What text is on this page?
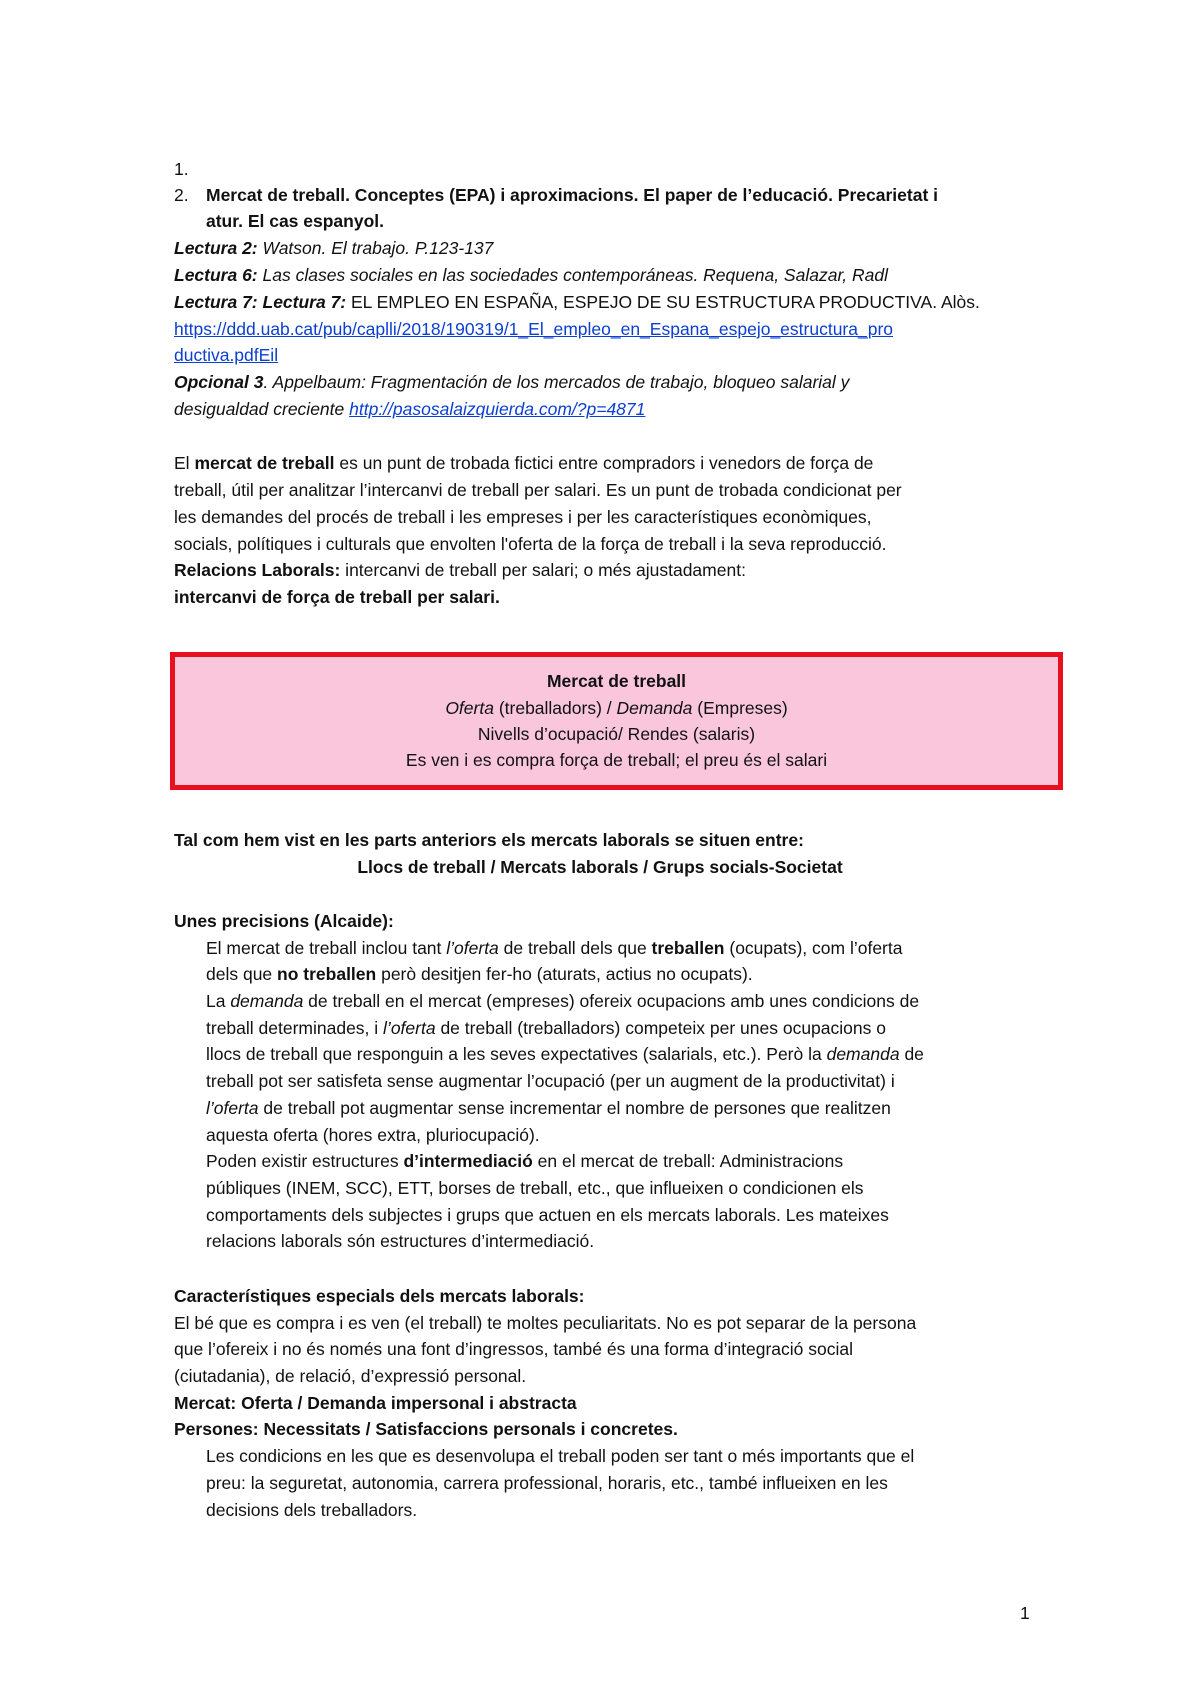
1.
2. Mercat de treball. Conceptes (EPA) i aproximacions. El paper de l’educació. Precarietat i
atur. El cas espanyol.
Lectura 2: Watson. El trabajo. P.123-137
Lectura 6: Las clases sociales en las sociedades contemporáneas. Requena, Salazar, Radl
Lectura 7: Lectura 7: EL EMPLEO EN ESPAÑA, ESPEJO DE SU ESTRUCTURA PRODUCTIVA. Alòs.
https://ddd.uab.cat/pub/caplli/2018/190319/1_El_empleo_en_Espana_espejo_estructura_pro
ductiva.pdfEil
Opcional 3. Appelbaum: Fragmentación de los mercados de trabajo, bloqueo salarial y
desigualdad creciente http://pasosalaizquierda.com/?p=4871
El mercat de treball es un punt de trobada fictici entre compradors i venedors de força de
treball, útil per analitzar l’intercanvi de treball per salari. Es un punt de trobada condicionat per
les demandes del procés de treball i les empreses i per les característiques econòmiques,
socials, polítiques i culturals que envolten l'oferta de la força de treball i la seva reproducció.
Relacions Laborals: intercanvi de treball per salari; o més ajustadament:
intercanvi de força de treball per salari.
Mercat de treball
Oferta (treballadors) / Demanda (Empreses)
Nivells d’ocupació/ Rendes (salaris)
Es ven i es compra força de treball; el preu és el salari
Tal com hem vist en les parts anteriors els mercats laborals se situen entre:
Llocs de treball / Mercats laborals / Grups socials-Societat
Unes precisions (Alcaide):
El mercat de treball inclou tant l’oferta de treball dels que treballen (ocupats), com l’oferta
dels que no treballen però desitjen fer-ho (aturats, actius no ocupats).
La demanda de treball en el mercat (empreses) ofereix ocupacions amb unes condicions de
treball determinades, i l’oferta de treball (treballadors) competeix per unes ocupacions o
llocs de treball que responguin a les seves expectatives (salarials, etc.). Però la demanda de
treball pot ser satisfeta sense augmentar l’ocupació (per un augment de la productivitat) i
l’oferta de treball pot augmentar sense incrementar el nombre de persones que realitzen
aquesta oferta (hores extra, pluriocupació).
Poden existir estructures d’intermediació en el mercat de treball: Administracions
públiques (INEM, SCC), ETT, borses de treball, etc., que influeixen o condicionen els
comportaments dels subjectes i grups que actuen en els mercats laborals. Les mateixes
relacions laborals són estructures d’intermediació.
Característiques especials dels mercats laborals:
El bé que es compra i es ven (el treball) te moltes peculiaritats. No es pot separar de la persona
que l’ofereix i no és només una font d’ingressos, també és una forma d’integració social
(ciutadania), de relació, d’expressió personal.
Mercat: Oferta / Demanda impersonal i abstracta
Persones: Necessitats / Satisfaccions personals i concretes.
Les condicions en les que es desenvolupa el treball poden ser tant o més importants que el
preu: la seguretat, autonomia, carrera professional, horaris, etc., també influeixen en les
decisions dels treballadors.
1
